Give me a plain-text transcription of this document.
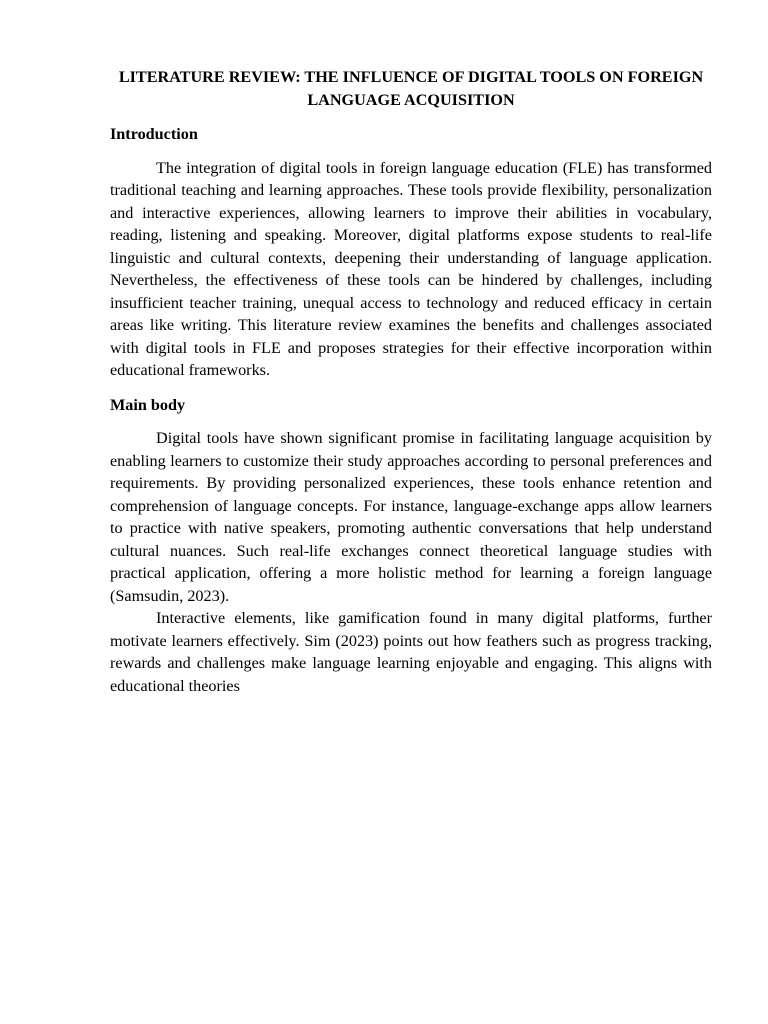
LITERATURE REVIEW: THE INFLUENCE OF DIGITAL TOOLS ON FOREIGN LANGUAGE ACQUISITION
Introduction

The integration of digital tools in foreign language education (FLE) has transformed traditional teaching and learning approaches. These tools provide flexibility, personalization and interactive experiences, allowing learners to improve their abilities in vocabulary, reading, listening and speaking. Moreover, digital platforms expose students to real-life linguistic and cultural contexts, deepening their understanding of language application. Nevertheless, the effectiveness of these tools can be hindered by challenges, including insufficient teacher training, unequal access to technology and reduced efficacy in certain areas like writing. This literature review examines the benefits and challenges associated with digital tools in FLE and proposes strategies for their effective incorporation within educational frameworks.

Main body

Digital tools have shown significant promise in facilitating language acquisition by enabling learners to customize their study approaches according to personal preferences and requirements. By providing personalized experiences, these tools enhance retention and comprehension of language concepts. For instance, language-exchange apps allow learners to practice with native speakers, promoting authentic conversations that help understand cultural nuances. Such real-life exchanges connect theoretical language studies with practical application, offering a more holistic method for learning a foreign language (Samsudin, 2023).

Interactive elements, like gamification found in many digital platforms, further motivate learners effectively. Sim (2023) points out how feathers such as progress tracking, rewards and challenges make language learning enjoyable and engaging. This aligns with educational theories
